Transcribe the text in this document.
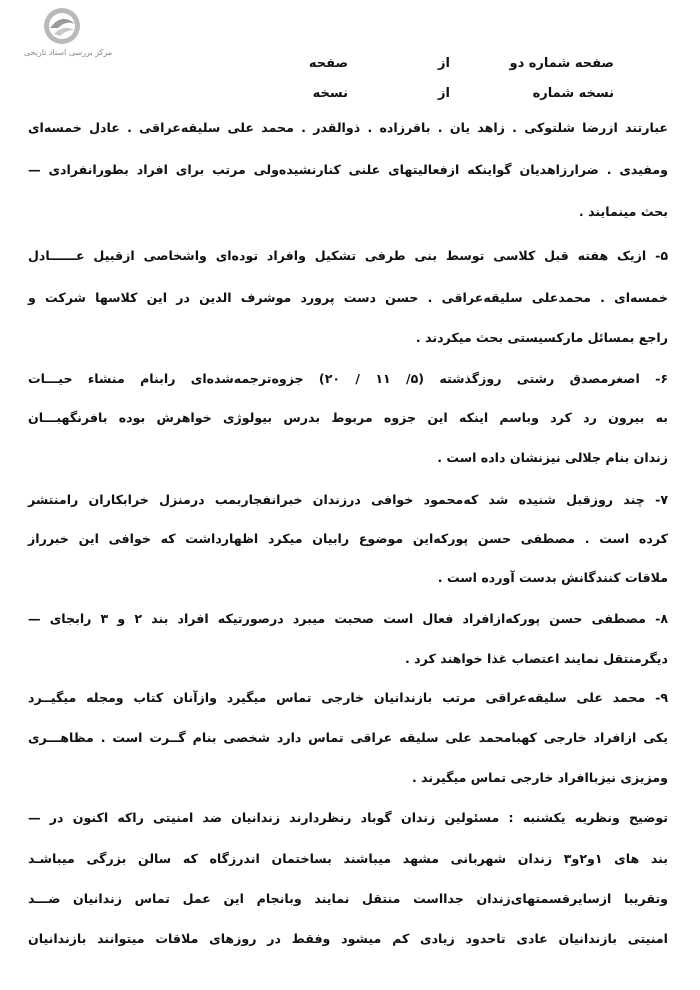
مرکز بررسی اسناد تاریخی
صفحه شماره دو
از
صفحه
نسخه شماره
از
نسخه
عبارتند ازرضا شلتوکی . زاهد یان . باقرزاده . ذوالقدر . محمد علی سلیقه‌عراقی . عادل خمسه‌ای
ومفیدی . ضرارزاهدیان گواینکه ازفعالیتهای علنی کنارنشیده‌ولی مرتب برای افراد بطورانفرادی —
بحث مینمایند .
۵- ازیک هفته قبل کلاسی توسط بنی طرفی تشکیل وافراد توده‌ای واشخاصی ازقبیل عــــــادل
خمسه‌ای . محمدعلی سلیقه‌عراقی . حسن دست پرورد موشرف الدین در این کلاسها شرکت و
راجع بمسائل مارکسیستی بحث میکردند .
۶- اصغرمصدق رشتی روزگذشته (۵/ ۱۱ / ۲۰) جزوه‌ترجمه‌شده‌ای رابنام منشاء حیـــات
به بیرون رد کرد وباسم اینکه این جزوه مربوط بدرس بیولوژی خواهرش بوده بافرنگهبـــان
زندان بنام جلالی نیزنشان داده است .
۷- چند روزقبل شنیده شد که‌محمود خوافی درزندان خبرانفجاربمب درمنزل خرابکاران رامنتشر
کرده است . مصطفی حسن پورکه‌این موضوع رابیان میکرد اظهارداشت که خوافی این خبرراز
ملاقات کنندگانش بدست آورده است .
۸- مصطفی حسن پورکه‌ازافراد فعال است صحبت میبرد درصورتیکه افراد بند ۲ و ۳ رابجای —
دیگرمنتقل نمایند اعتصاب غذا خواهند کرد .
۹- محمد علی سلیقه‌عراقی مرتب بازندانیان خارجی تماس میگیرد وازآنان کتاب ومجله میگیــرد
یکی ازافراد خارجی کهبامحمد علی سلیقه عراقی تماس دارد شخصی بنام گــرت است . مظاهـــری
ومزیزی نیزباافراد خارجی تماس میگیرند .
توضیح ونظریه یکشنبه : مسئولین زندان گوباد رنظردارند زندانیان ضد امنیتی راکه اکنون در —
بند های ۱و۲و۳ زندان شهربانی مشهد میباشند بساختمان اندرزگاه که سالن بزرگی میباشـد
وتقریبا ازسایرقسمتهای‌زندان جدااست منتقل نمایند وبانجام این عمل تماس زندانیان ضـــد
امنیتی بازندانیان عادی تاحدود زیادی کم میشود وفقط در روزهای ملاقات میتوانند بازندانیان
